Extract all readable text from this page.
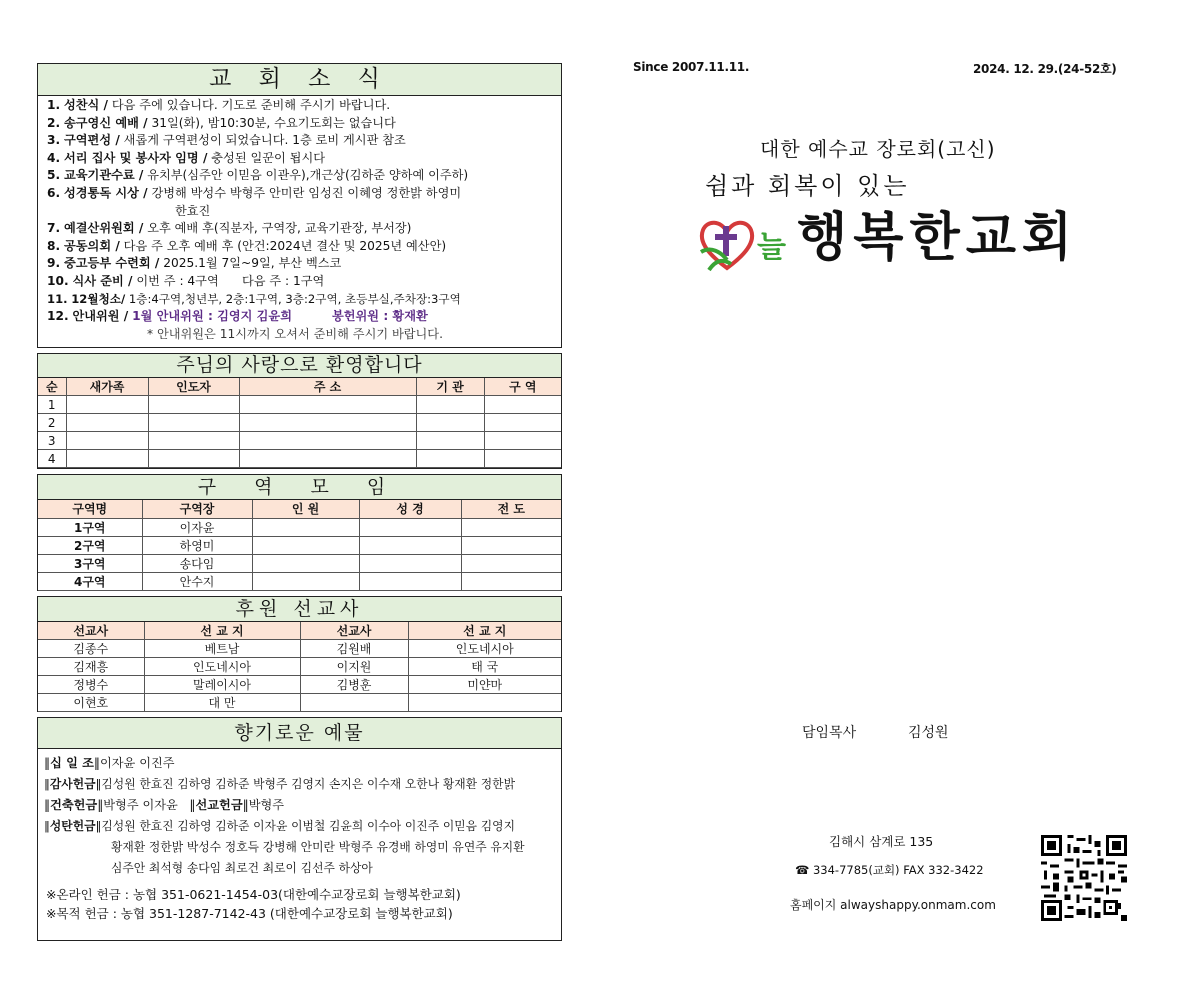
교 회 소 식
1. 성찬식 / 다음 주에 있습니다. 기도로 준비해 주시기 바랍니다.
2. 송구영신 예배 / 31일(화), 밤10:30분, 수요기도회는 없습니다
3. 구역편성 / 새롭게 구역편성이 되었습니다. 1층 로비 게시판 참조
4. 서리 집사 및 봉사자 임명 / 충성된 일꾼이 됩시다
5. 교육기관수료 / 유치부(심주안 이믿음 이관우),개근상(김하준 양하예 이주하)
6. 성경통독 시상 / 강병해 박성수 박형주 안미란 임성진 이혜영 정한밝 하영미
한효진
7. 예결산위원회 / 오후 예배 후(직분자, 구역장, 교육기관장, 부서장)
8. 공동의회 / 다음 주 오후 예배 후 (안건:2024년 결산 및 2025년 예산안)
9. 중고등부 수련회 / 2025.1월 7일~9일, 부산 벡스코
10. 식사 준비 / 이번 주 : 4구역      다음 주 : 1구역
11. 12월청소/ 1층:4구역,청년부, 2층:1구역, 3층:2구역, 초등부실,주차장:3구역
12. 안내위원 / 1월 안내위원 : 김영지 김윤희	봉헌위원 : 황재환
* 안내위원은 11시까지 오셔서 준비해 주시기 바랍니다.
주님의 사랑으로 환영합니다
순	새가족	인도자	주 소	기 관	구 역
1					
2					
3					
4					
구 역 모 임
구역명	구역장	인 원	성 경	전 도
1구역	이자윤			
2구역	하영미			
3구역	송다임			
4구역	안수지			
후원 선교사
선교사	선 교 지	선교사	선 교 지
김종수	베트남	김원배	인도네시아
김재흥	인도네시아	이지원	태 국
정병수	말레이시아	김병훈	미얀마
이현호	대 만		
향기로운 예물
‖십 일 조‖이자윤 이진주
‖감사헌금‖김성원 한효진 김하영 김하준 박형주 김영지 손지은 이수재 오한나 황재환 정한밝
‖건축헌금‖박형주 이자윤   ‖선교헌금‖박형주
‖성탄헌금‖김성원 한효진 김하영 김하준 이자윤 이범철 김윤희 이수아 이진주 이믿음 김영지
황재환 정한밝 박성수 정호득 강병해 안미란 박형주 유경배 하영미 유연주 유지환
심주안 최석형 송다임 최로건 최로이 김선주 하상아
※온라인 헌금 : 농협 351-0621-1454-03(대한예수교장로회 늘행복한교회)
※목적 헌금 : 농협 351-1287-7142-43 (대한예수교장로회 늘행복한교회)
Since 2007.11.11.	2024. 12. 29.(24-52호)
대한 예수교 장로회(고신)
쉼과 회복이 있는
늘 행복한교회
담임목사	김성원
김해시 삼계로 135
☎ 334-7785(교회) FAX 332-3422
홈페이지 alwayshappy.onmam.com
